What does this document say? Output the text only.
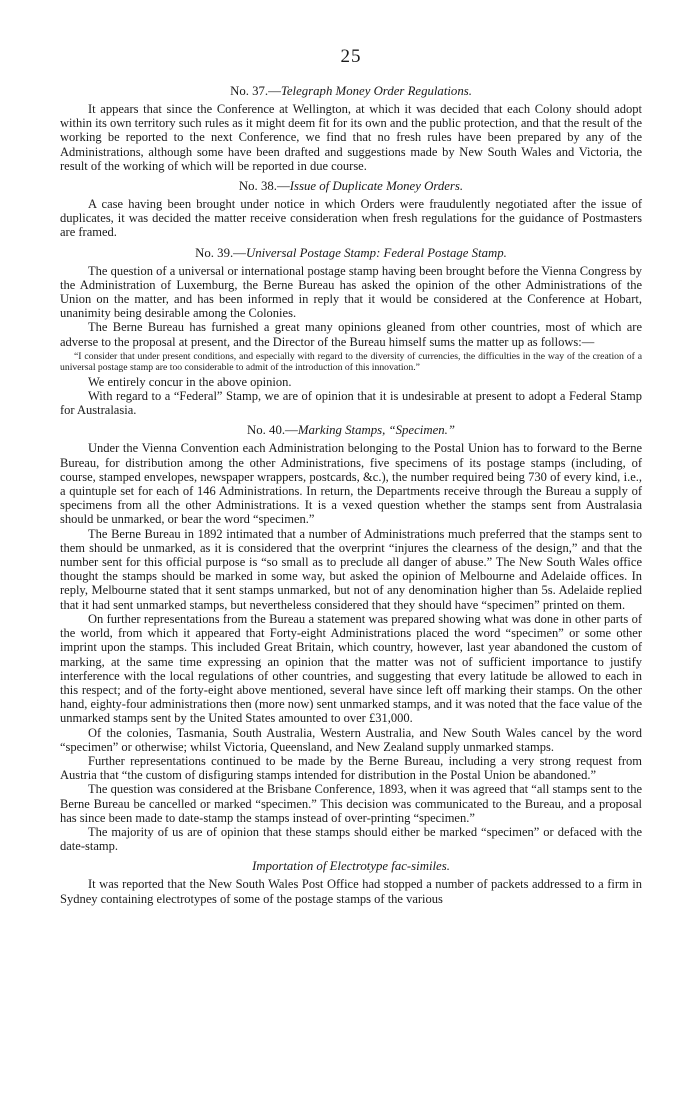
25
No. 37.—Telegraph Money Order Regulations.

It appears that since the Conference at Wellington, at which it was decided that each Colony should adopt within its own territory such rules as it might deem fit for its own and the public protection, and that the result of the working be reported to the next Conference, we find that no fresh rules have been prepared by any of the Administrations, although some have been drafted and suggestions made by New South Wales and Victoria, the result of the working of which will be reported in due course.

No. 38.—Issue of Duplicate Money Orders.

A case having been brought under notice in which Orders were fraudulently negotiated after the issue of duplicates, it was decided the matter receive consideration when fresh regulations for the guidance of Postmasters are framed.

No. 39.—Universal Postage Stamp: Federal Postage Stamp.

The question of a universal or international postage stamp having been brought before the Vienna Congress by the Administration of Luxemburg, the Berne Bureau has asked the opinion of the other Administrations of the Union on the matter, and has been informed in reply that it would be considered at the Conference at Hobart, unanimity being desirable among the Colonies.

The Berne Bureau has furnished a great many opinions gleaned from other countries, most of which are adverse to the proposal at present, and the Director of the Bureau himself sums the matter up as follows:—

“I consider that under present conditions, and especially with regard to the diversity of currencies, the difficulties in the way of the creation of a universal postage stamp are too considerable to admit of the introduction of this innovation.”

We entirely concur in the above opinion.

With regard to a “Federal” Stamp, we are of opinion that it is undesirable at present to adopt a Federal Stamp for Australasia.

No. 40.—Marking Stamps, “Specimen.”

Under the Vienna Convention each Administration belonging to the Postal Union has to forward to the Berne Bureau, for distribution among the other Administrations, five specimens of its postage stamps (including, of course, stamped envelopes, newspaper wrappers, postcards, &c.), the number required being 730 of every kind, i.e., a quintuple set for each of 146 Administrations. In return, the Departments receive through the Bureau a supply of specimens from all the other Administrations. It is a vexed question whether the stamps sent from Australasia should be unmarked, or bear the word “specimen.”

The Berne Bureau in 1892 intimated that a number of Administrations much preferred that the stamps sent to them should be unmarked, as it is considered that the overprint “injures the clearness of the design,” and that the number sent for this official purpose is “so small as to preclude all danger of abuse.” The New South Wales office thought the stamps should be marked in some way, but asked the opinion of Melbourne and Adelaide offices. In reply, Melbourne stated that it sent stamps unmarked, but not of any denomination higher than 5s. Adelaide replied that it had sent unmarked stamps, but nevertheless considered that they should have “specimen” printed on them.

On further representations from the Bureau a statement was prepared showing what was done in other parts of the world, from which it appeared that Forty-eight Administrations placed the word “specimen” or some other imprint upon the stamps. This included Great Britain, which country, however, last year abandoned the custom of marking, at the same time expressing an opinion that the matter was not of sufficient importance to justify interference with the local regulations of other countries, and suggesting that every latitude be allowed to each in this respect; and of the forty-eight above mentioned, several have since left off marking their stamps. On the other hand, eighty-four administrations then (more now) sent unmarked stamps, and it was noted that the face value of the unmarked stamps sent by the United States amounted to over £31,000.

Of the colonies, Tasmania, South Australia, Western Australia, and New South Wales cancel by the word “specimen” or otherwise; whilst Victoria, Queensland, and New Zealand supply unmarked stamps.

Further representations continued to be made by the Berne Bureau, including a very strong request from Austria that “the custom of disfiguring stamps intended for distribution in the Postal Union be abandoned.”

The question was considered at the Brisbane Conference, 1893, when it was agreed that “all stamps sent to the Berne Bureau be cancelled or marked “specimen.” This decision was communicated to the Bureau, and a proposal has since been made to date-stamp the stamps instead of over-printing “specimen.”

The majority of us are of opinion that these stamps should either be marked “specimen” or defaced with the date-stamp.

Importation of Electrotype fac-similes.

It was reported that the New South Wales Post Office had stopped a number of packets addressed to a firm in Sydney containing electrotypes of some of the postage stamps of the various
